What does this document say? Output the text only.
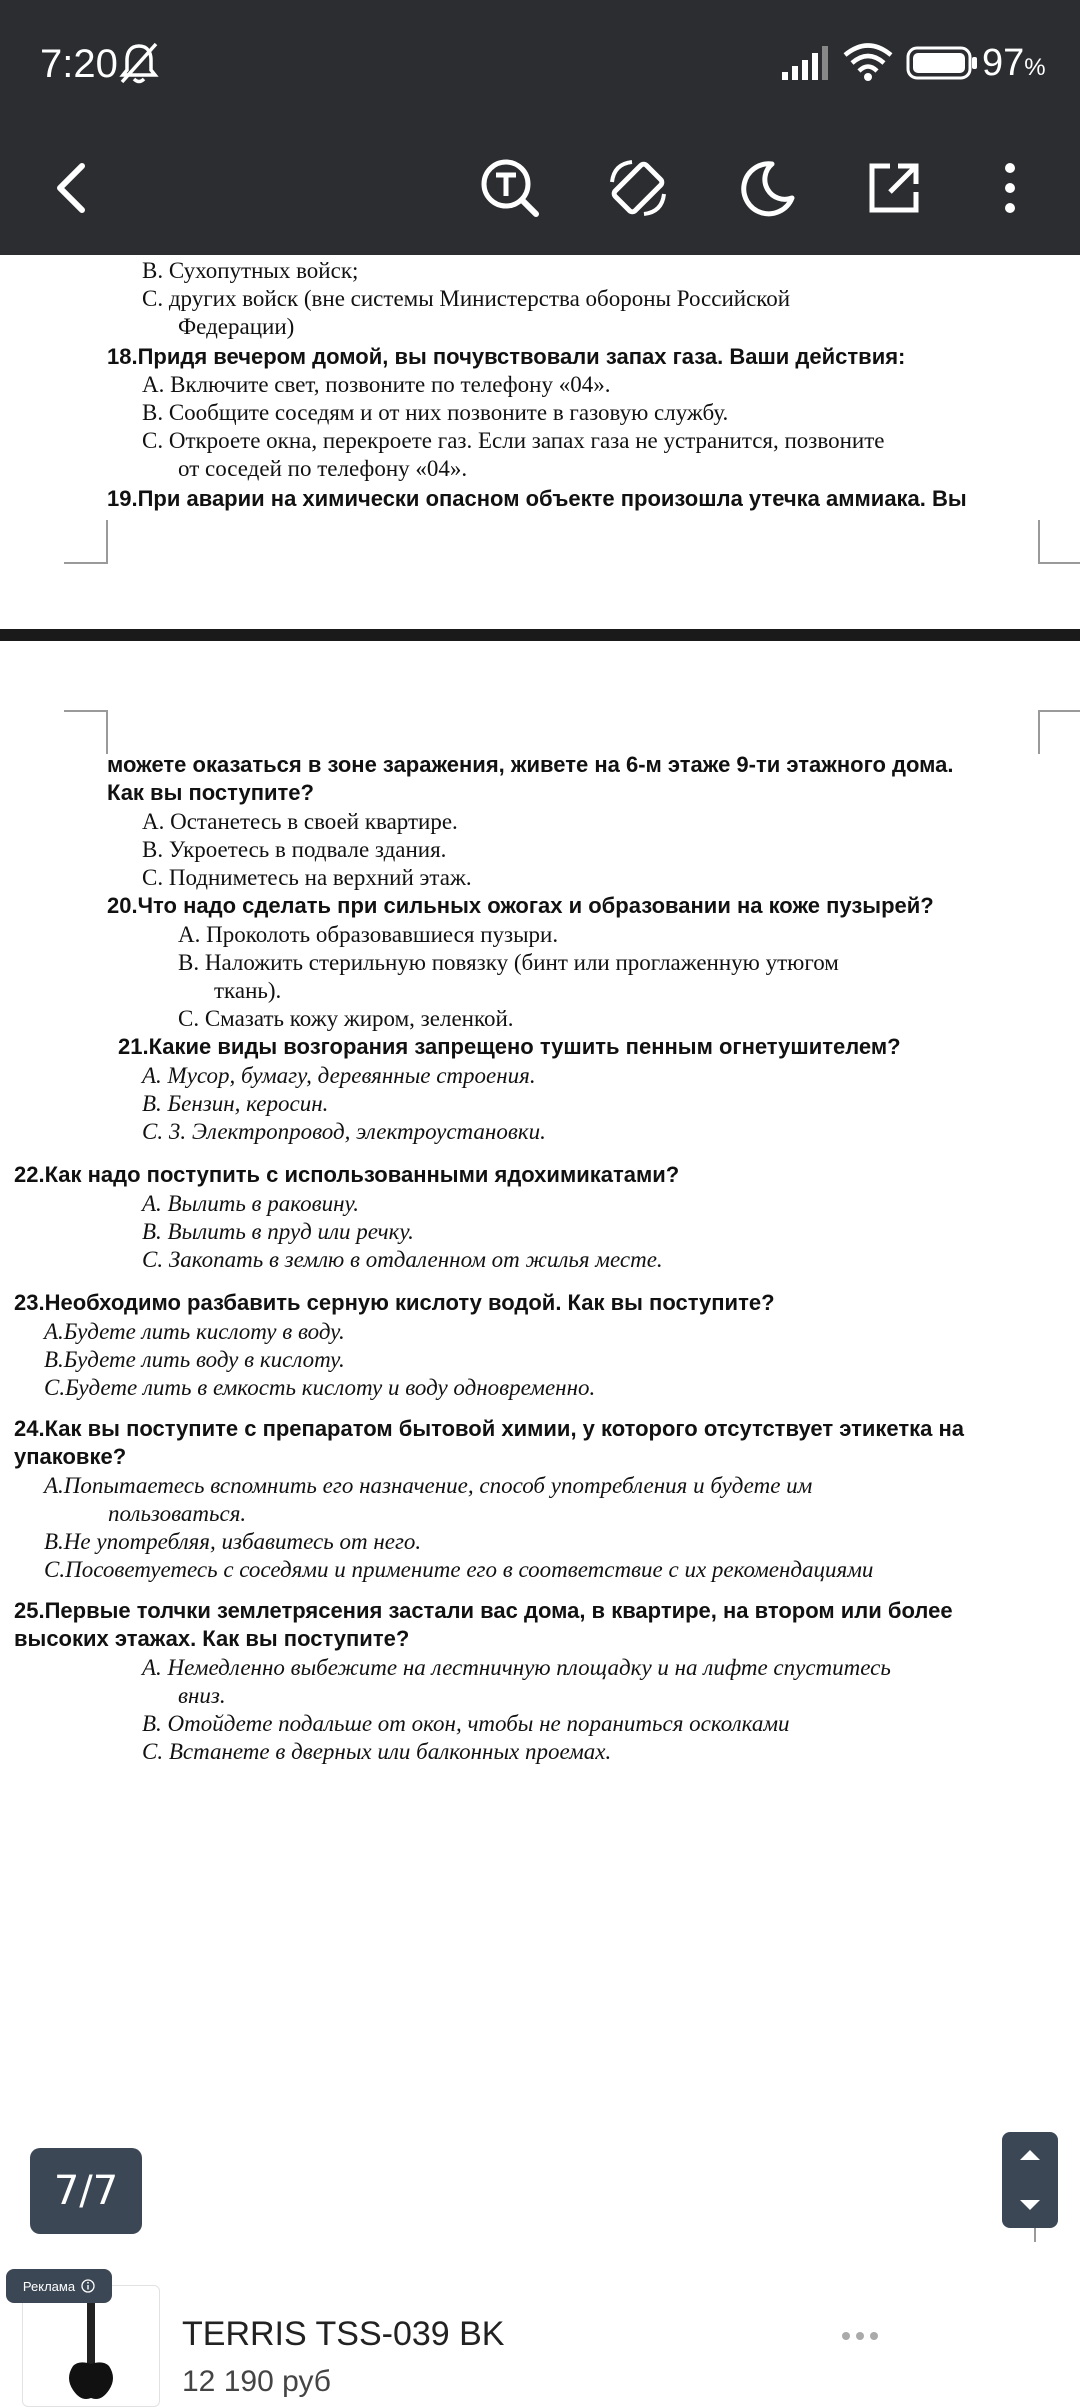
7:20	97%
B. Сухопутных войск;
C. других войск (вне системы Министерства обороны Российской
Федерации)
18.Придя вечером домой, вы почувствовали запах газа. Ваши действия:
A. Включите свет, позвоните по телефону «04».
B. Сообщите соседям и от них позвоните в газовую службу.
C. Откроете окна, перекроете газ. Если запах газа не устранится, позвоните
от соседей по телефону «04».
19.При аварии на химически опасном объекте произошла утечка аммиака. Вы
можете оказаться в зоне заражения, живете на 6-м этаже 9-ти этажного дома.
Как вы поступите?
A. Останетесь в своей квартире.
B. Укроетесь в подвале здания.
C. Подниметесь на верхний этаж.
20.Что надо сделать при сильных ожогах и образовании на коже пузырей?
A. Проколоть образовавшиеся пузыри.
B. Наложить стерильную повязку (бинт или проглаженную утюгом
ткань).
C. Смазать кожу жиром, зеленкой.
21.Какие виды возгорания запрещено тушить пенным огнетушителем?
A. Мусор, бумагу, деревянные строения.
B. Бензин, керосин.
C. 3. Электропровод, электроустановки.
22.Как надо поступить с использованными ядохимикатами?
A. Вылить в раковину.
B. Вылить в пруд или речку.
C. Закопать в землю в отдаленном от жилья месте.
23.Необходимо разбавить серную кислоту водой. Как вы поступите?
A.Будете лить кислоту в воду.
B.Будете лить воду в кислоту.
C.Будете лить в емкость кислоту и воду одновременно.
24.Как вы поступите с препаратом бытовой химии, у которого отсутствует этикетка на
упаковке?
A.Попытаетесь вспомнить его назначение, способ употребления и будете им
пользоваться.
B.Не употребляя, избавитесь от него.
C.Посоветуетесь с соседями и примените его в соответствие с их рекомендациями
25.Первые толчки землетрясения застали вас дома, в квартире, на втором или более
высоких этажах. Как вы поступите?
A. Немедленно выбежите на лестничную площадку и на лифте спуститесь
вниз.
B. Отойдете подальше от окон, чтобы не пораниться осколками
C. Встанете в дверных или балконных проемах.
7/7
Реклама
TERRIS TSS-039 BK
12 190 руб
